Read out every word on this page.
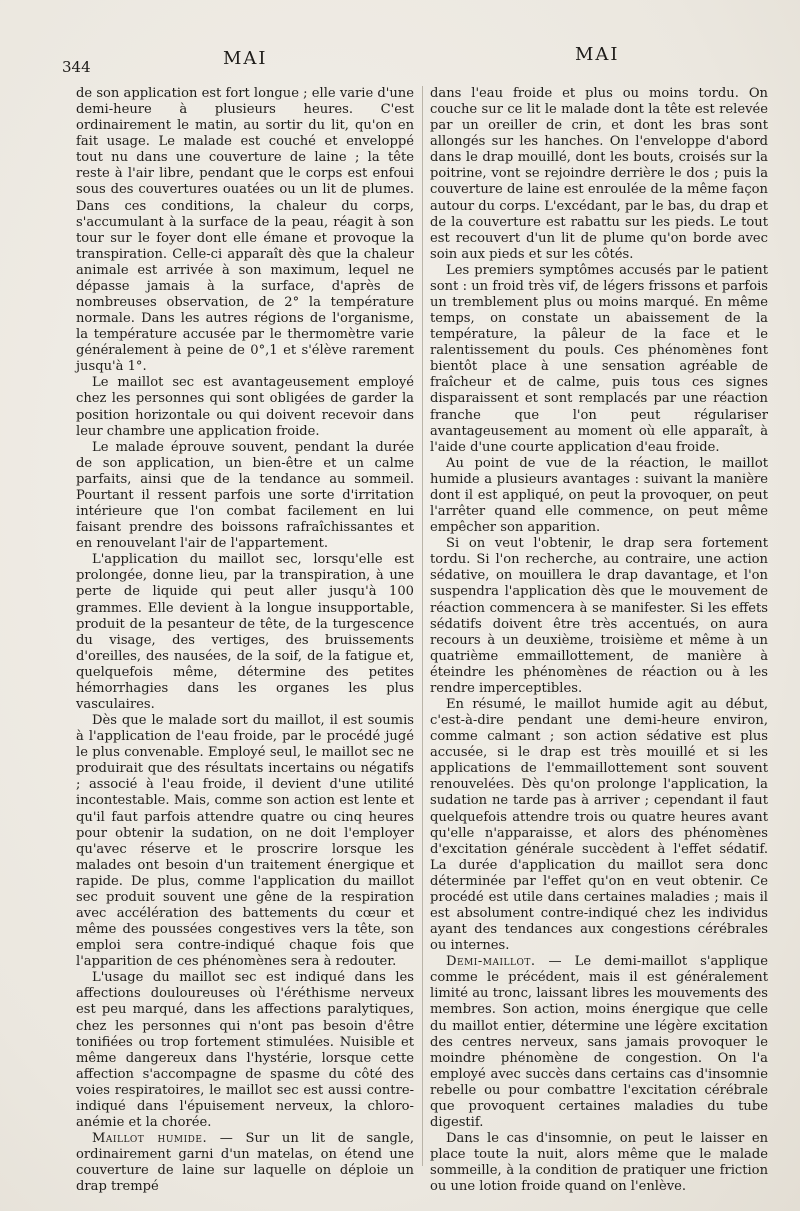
344	MAI	MAI

de son application est fort longue ; elle varie d'une demi-heure à plusieurs heures. C'est ordinairement le matin, au sortir du lit, qu'on en fait usage. Le malade est couché et enveloppé tout nu dans une couverture de laine ; la tête reste à l'air libre, pendant que le corps est enfoui sous des couvertures ouatées ou un lit de plumes. Dans ces conditions, la chaleur du corps, s'accumulant à la surface de la peau, réagit à son tour sur le foyer dont elle émane et provoque la transpiration. Celle-ci apparaît dès que la chaleur animale est arrivée à son maximum, lequel ne dépasse jamais à la surface, d'après de nombreuses observation, de 2° la température normale. Dans les autres régions de l'organisme, la température accusée par le thermomètre varie généralement à peine de 0°,1 et s'élève rarement jusqu'à 1°.

Le maillot sec est avantageusement employé chez les personnes qui sont obligées de garder la position horizontale ou qui doivent recevoir dans leur chambre une application froide.

Le malade éprouve souvent, pendant la durée de son application, un bien-être et un calme parfaits, ainsi que de la tendance au sommeil. Pourtant il ressent parfois une sorte d'irritation intérieure que l'on combat facilement en lui faisant prendre des boissons rafraîchissantes et en renouvelant l'air de l'appartement.

L'application du maillot sec, lorsqu'elle est prolongée, donne lieu, par la transpiration, à une perte de liquide qui peut aller jusqu'à 100 grammes. Elle devient à la longue insupportable, produit de la pesanteur de tête, de la turgescence du visage, des vertiges, des bruissements d'oreilles, des nausées, de la soif, de la fatigue et, quelquefois même, détermine des petites hémorrhagies dans les organes les plus vasculaires.

Dès que le malade sort du maillot, il est soumis à l'application de l'eau froide, par le procédé jugé le plus convenable. Employé seul, le maillot sec ne produirait que des résultats incertains ou négatifs ; associé à l'eau froide, il devient d'une utilité incontestable. Mais, comme son action est lente et qu'il faut parfois attendre quatre ou cinq heures pour obtenir la sudation, on ne doit l'employer qu'avec réserve et le proscrire lorsque les malades ont besoin d'un traitement énergique et rapide. De plus, comme l'application du maillot sec produit souvent une gêne de la respiration avec accélération des battements du cœur et même des poussées congestives vers la tête, son emploi sera contre-indiqué chaque fois que l'apparition de ces phénomènes sera à redouter.

L'usage du maillot sec est indiqué dans les affections douloureuses où l'éréthisme nerveux est peu marqué, dans les affections paralytiques, chez les personnes qui n'ont pas besoin d'être tonifiées ou trop fortement stimulées. Nuisible et même dangereux dans l'hystérie, lorsque cette affection s'accompagne de spasme du côté des voies respiratoires, le maillot sec est aussi contre-indiqué dans l'épuisement nerveux, la chloro-anémie et la chorée.

Maillot humide. — Sur un lit de sangle, ordinairement garni d'un matelas, on étend une couverture de laine sur laquelle on déploie un drap trempé

dans l'eau froide et plus ou moins tordu. On couche sur ce lit le malade dont la tête est relevée par un oreiller de crin, et dont les bras sont allongés sur les hanches. On l'enveloppe d'abord dans le drap mouillé, dont les bouts, croisés sur la poitrine, vont se rejoindre derrière le dos ; puis la couverture de laine est enroulée de la même façon autour du corps. L'excédant, par le bas, du drap et de la couverture est rabattu sur les pieds. Le tout est recouvert d'un lit de plume qu'on borde avec soin aux pieds et sur les côtés.

Les premiers symptômes accusés par le patient sont : un froid très vif, de légers frissons et parfois un tremblement plus ou moins marqué. En même temps, on constate un abaissement de la température, la pâleur de la face et le ralentissement du pouls. Ces phénomènes font bientôt place à une sensation agréable de fraîcheur et de calme, puis tous ces signes disparaissent et sont remplacés par une réaction franche que l'on peut régulariser avantageusement au moment où elle apparaît, à l'aide d'une courte application d'eau froide.

Au point de vue de la réaction, le maillot humide a plusieurs avantages : suivant la manière dont il est appliqué, on peut la provoquer, on peut l'arrêter quand elle commence, on peut même empêcher son apparition.

Si on veut l'obtenir, le drap sera fortement tordu. Si l'on recherche, au contraire, une action sédative, on mouillera le drap davantage, et l'on suspendra l'application dès que le mouvement de réaction commencera à se manifester. Si les effets sédatifs doivent être très accentués, on aura recours à un deuxième, troisième et même à un quatrième emmaillottement, de manière à éteindre les phénomènes de réaction ou à les rendre imperceptibles.

En résumé, le maillot humide agit au début, c'est-à-dire pendant une demi-heure environ, comme calmant ; son action sédative est plus accusée, si le drap est très mouillé et si les applications de l'emmaillottement sont souvent renouvelées. Dès qu'on prolonge l'application, la sudation ne tarde pas à arriver ; cependant il faut quelquefois attendre trois ou quatre heures avant qu'elle n'apparaisse, et alors des phénomènes d'excitation générale succèdent à l'effet sédatif. La durée d'application du maillot sera donc déterminée par l'effet qu'on en veut obtenir. Ce procédé est utile dans certaines maladies ; mais il est absolument contre-indiqué chez les individus ayant des tendances aux congestions cérébrales ou internes.

Demi-maillot. — Le demi-maillot s'applique comme le précédent, mais il est généralement limité au tronc, laissant libres les mouvements des membres. Son action, moins énergique que celle du maillot entier, détermine une légère excitation des centres nerveux, sans jamais provoquer le moindre phénomène de congestion. On l'a employé avec succès dans certains cas d'insomnie rebelle ou pour combattre l'excitation cérébrale que provoquent certaines maladies du tube digestif.

Dans le cas d'insomnie, on peut le laisser en place toute la nuit, alors même que le malade sommeille, à la condition de pratiquer une friction ou une lotion froide quand on l'enlève.
